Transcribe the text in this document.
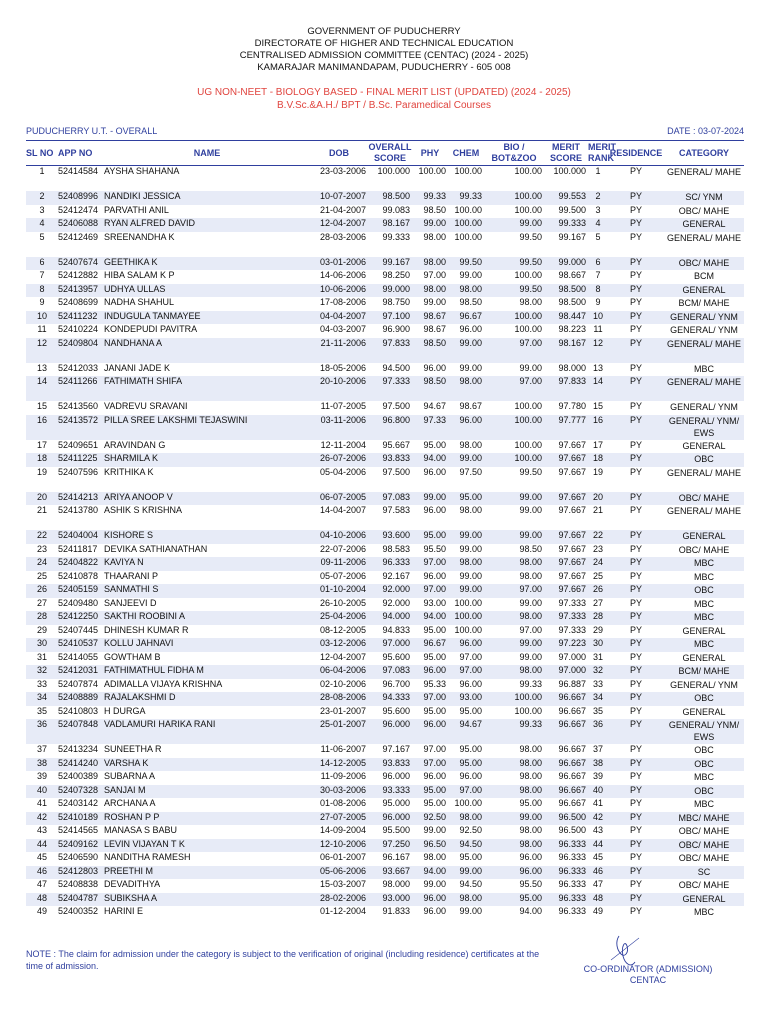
GOVERNMENT OF PUDUCHERRY
DIRECTORATE OF HIGHER AND TECHNICAL EDUCATION
CENTRALISED ADMISSION COMMITTEE (CENTAC) (2024 - 2025)
KAMARAJAR MANIMANDAPAM, PUDUCHERRY - 605 008
UG NON-NEET - BIOLOGY BASED - FINAL MERIT LIST (UPDATED) (2024 - 2025)
B.V.Sc.&A.H./ BPT / B.Sc. Paramedical Courses
PUDUCHERRY U.T. - OVERALL	DATE : 03-07-2024
SL NO	APP NO	NAME	DOB	OVERALL SCORE	PHY	CHEM	BIO / BOT&ZOO	MERIT SCORE	MERIT RANK	RESIDENCE	CATEGORY
1	52414584	AYSHA SHAHANA	23-03-2006	100.000	100.00	100.00	100.00	100.000	1	PY	GENERAL/ MAHE
2	52408996	NANDIKI JESSICA	10-07-2007	98.500	99.33	99.33	100.00	99.553	2	PY	SC/ YNM
3	52412474	PARVATHI ANIL	21-04-2007	99.083	98.50	100.00	100.00	99.500	3	PY	OBC/ MAHE
4	52406088	RYAN ALFRED DAVID	12-04-2007	98.167	99.00	100.00	99.00	99.333	4	PY	GENERAL
5	52412469	SREENANDHA K	28-03-2006	99.333	98.00	100.00	99.50	99.167	5	PY	GENERAL/ MAHE
6	52407674	GEETHIKA K	03-01-2006	99.167	98.00	99.50	99.50	99.000	6	PY	OBC/ MAHE
7	52412882	HIBA SALAM K P	14-06-2006	98.250	97.00	99.00	100.00	98.667	7	PY	BCM
8	52413957	UDHYA ULLAS	10-06-2006	99.000	98.00	98.00	99.50	98.500	8	PY	GENERAL
9	52408699	NADHA SHAHUL	17-08-2006	98.750	99.00	98.50	98.00	98.500	9	PY	BCM/ MAHE
10	52411232	INDUGULA TANMAYEE	04-04-2007	97.100	98.67	96.67	100.00	98.447	10	PY	GENERAL/ YNM
11	52410224	KONDEPUDI PAVITRA	04-03-2007	96.900	98.67	96.00	100.00	98.223	11	PY	GENERAL/ YNM
12	52409804	NANDHANA A	21-11-2006	97.833	98.50	99.00	97.00	98.167	12	PY	GENERAL/ MAHE
13	52412033	JANANI JADE K	18-05-2006	94.500	96.00	99.00	99.00	98.000	13	PY	MBC
14	52411266	FATHIMATH SHIFA	20-10-2006	97.333	98.50	98.00	97.00	97.833	14	PY	GENERAL/ MAHE
15	52413560	VADREVU SRAVANI	11-07-2005	97.500	94.67	98.67	100.00	97.780	15	PY	GENERAL/ YNM
16	52413572	PILLA SREE LAKSHMI TEJASWINI	03-11-2006	96.800	97.33	96.00	100.00	97.777	16	PY	GENERAL/ YNM/ EWS
17	52409651	ARAVINDAN G	12-11-2004	95.667	95.00	98.00	100.00	97.667	17	PY	GENERAL
18	52411225	SHARMILA K	26-07-2006	93.833	94.00	99.00	100.00	97.667	18	PY	OBC
19	52407596	KRITHIKA K	05-04-2006	97.500	96.00	97.50	99.50	97.667	19	PY	GENERAL/ MAHE
20	52414213	ARIYA ANOOP V	06-07-2005	97.083	99.00	95.00	99.00	97.667	20	PY	OBC/ MAHE
21	52413780	ASHIK S KRISHNA	14-04-2007	97.583	96.00	98.00	99.00	97.667	21	PY	GENERAL/ MAHE
22	52404004	KISHORE S	04-10-2006	93.600	95.00	99.00	99.00	97.667	22	PY	GENERAL
23	52411817	DEVIKA SATHIANATHAN	22-07-2006	98.583	95.50	99.00	98.50	97.667	23	PY	OBC/ MAHE
24	52404822	KAVIYA N	09-11-2006	96.333	97.00	98.00	98.00	97.667	24	PY	MBC
25	52410878	THAARANI P	05-07-2006	92.167	96.00	99.00	98.00	97.667	25	PY	MBC
26	52405159	SANMATHI S	01-10-2004	92.000	97.00	99.00	97.00	97.667	26	PY	OBC
27	52409480	SANJEEVI D	26-10-2005	92.000	93.00	100.00	99.00	97.333	27	PY	MBC
28	52412250	SAKTHI ROOBINI A	25-04-2006	94.000	94.00	100.00	98.00	97.333	28	PY	MBC
29	52407445	DHINESH KUMAR R	08-12-2005	94.833	95.00	100.00	97.00	97.333	29	PY	GENERAL
30	52410537	KOLLU JAHNAVI	03-12-2006	97.000	96.67	96.00	99.00	97.223	30	PY	MBC
31	52414055	GOWTHAM B	12-04-2007	95.600	95.00	97.00	99.00	97.000	31	PY	GENERAL
32	52412031	FATHIMATHUL FIDHA M	06-04-2006	97.083	96.00	97.00	98.00	97.000	32	PY	BCM/ MAHE
33	52407874	ADIMALLA VIJAYA KRISHNA	02-10-2006	96.700	95.33	96.00	99.33	96.887	33	PY	GENERAL/ YNM
34	52408889	RAJALAKSHMI D	28-08-2006	94.333	97.00	93.00	100.00	96.667	34	PY	OBC
35	52410803	H DURGA	23-01-2007	95.600	95.00	95.00	100.00	96.667	35	PY	GENERAL
36	52407848	VADLAMURI HARIKA RANI	25-01-2007	96.000	96.00	94.67	99.33	96.667	36	PY	GENERAL/ YNM/ EWS
37	52413234	SUNEETHA R	11-06-2007	97.167	97.00	95.00	98.00	96.667	37	PY	OBC
38	52414240	VARSHA K	14-12-2005	93.833	97.00	95.00	98.00	96.667	38	PY	OBC
39	52400389	SUBARNA A	11-09-2006	96.000	96.00	96.00	98.00	96.667	39	PY	MBC
40	52407328	SANJAI M	30-03-2006	93.333	95.00	97.00	98.00	96.667	40	PY	OBC
41	52403142	ARCHANA A	01-08-2006	95.000	95.00	100.00	95.00	96.667	41	PY	MBC
42	52410189	ROSHAN P P	27-07-2005	96.000	92.50	98.00	99.00	96.500	42	PY	MBC/ MAHE
43	52414565	MANASA S BABU	14-09-2004	95.500	99.00	92.50	98.00	96.500	43	PY	OBC/ MAHE
44	52409162	LEVIN VIJAYAN T K	12-10-2006	97.250	96.50	94.50	98.00	96.333	44	PY	OBC/ MAHE
45	52406590	NANDITHA RAMESH	06-01-2007	96.167	98.00	95.00	96.00	96.333	45	PY	OBC/ MAHE
46	52412803	PREETHI M	05-06-2006	93.667	94.00	99.00	96.00	96.333	46	PY	SC
47	52408838	DEVADITHYA	15-03-2007	98.000	99.00	94.50	95.50	96.333	47	PY	OBC/ MAHE
48	52404787	SUBIKSHA A	28-02-2006	93.000	96.00	98.00	95.00	96.333	48	PY	GENERAL
49	52400352	HARINI E	01-12-2004	91.833	96.00	99.00	94.00	96.333	49	PY	MBC
NOTE : The claim for admission under the category is subject to the verification of original (including residence) certificates at the time of admission.	CO-ORDINATOR (ADMISSION)
CENTAC
